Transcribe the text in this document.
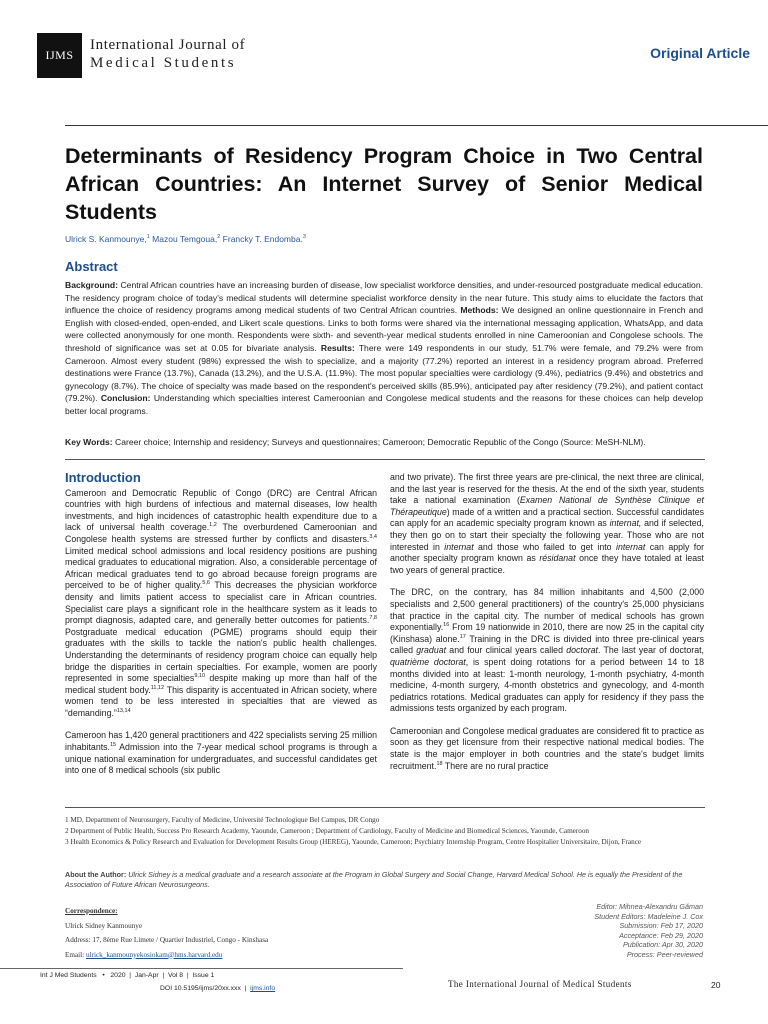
IJMS
International Journal of
Medical Students
Original Article
Determinants of Residency Program Choice in Two Central African Countries: An Internet Survey of Senior Medical Students
Ulrick S. Kanmounye,$^1$ Mazou Temgoua,$^2$ Francky T. Endomba.$^3$
Abstract

Background: Central African countries have an increasing burden of disease, low specialist workforce densities, and under-resourced postgraduate medical education. The residency program choice of today's medical students will determine specialist workforce density in the near future. This study aims to elucidate the factors that influence the choice of residency programs among medical students of two Central African countries. Methods: We designed an online questionnaire in French and English with closed-ended, open-ended, and Likert scale questions. Links to both forms were shared via the international messaging application, WhatsApp, and data were collected anonymously for one month. Respondents were sixth- and seventh-year medical students enrolled in nine Cameroonian and Congolese schools. The threshold of significance was set at 0.05 for bivariate analysis. Results: There were 149 respondents in our study, 51.7% were female, and 79.2% were from Cameroon. Almost every student (98%) expressed the wish to specialize, and a majority (77.2%) reported an interest in a residency program abroad. Preferred destinations were France (13.7%), Canada (13.2%), and the U.S.A. (11.9%). The most popular specialties were cardiology (9.4%), pediatrics (9.4%) and obstetrics and gynecology (8.7%). The choice of specialty was made based on the respondent's perceived skills (85.9%), anticipated pay after residency (79.2%), and patient contact (79.2%). Conclusion: Understanding which specialties interest Cameroonian and Congolese medical students and the reasons for these choices can help develop better local programs.

Key Words: Career choice; Internship and residency; Surveys and questionnaires; Cameroon; Democratic Republic of the Congo (Source: MeSH-NLM).
Introduction

Cameroon and Democratic Republic of Congo (DRC) are Central African countries with high burdens of infectious and maternal diseases, low health investments, and high incidences of catastrophic health expenditure due to a lack of universal health coverage.$^{1,2}$ The overburdened Cameroonian and Congolese health systems are stressed further by conflicts and disasters.$^{3,4}$ Limited medical school admissions and local residency positions are pushing medical graduates to educational migration. Also, a considerable percentage of African medical graduates tend to go abroad because foreign programs are perceived to be of higher quality.$^{5,6}$ This decreases the physician workforce density and limits patient access to specialist care in African countries. Specialist care plays a significant role in the healthcare system as it leads to prompt diagnosis, adapted care, and generally better outcomes for patients.$^{7,8}$ Postgraduate medical education (PGME) programs should equip their graduates with the skills to tackle the nation's public health challenges. Understanding the determinants of residency program choice can equally help bridge the disparities in certain specialties. For example, women are poorly represented in some specialties$^{9,10}$ despite making up more than half of the medical student body.$^{11,12}$ This disparity is accentuated in African society, where women tend to be less interested in specialties that are viewed as “demanding.”$^{13,14}$

Cameroon has 1,420 general practitioners and 422 specialists serving 25 million inhabitants.$^{15}$ Admission into the 7-year medical school programs is through a unique national examination for undergraduates, and successful candidates get into one of 8 medical schools (six public

and two private). The first three years are pre-clinical, the next three are clinical, and the last year is reserved for the thesis. At the end of the sixth year, students take a national examination (Examen National de Synthèse Clinique et Thérapeutique) made of a written and a practical section. Successful candidates can apply for an academic specialty program known as internat, and if selected, they then go on to start their specialty the following year. Those who are not interested in internat and those who failed to get into internat can apply for another specialty program known as résidanat once they have totaled at least two years of general practice.

The DRC, on the contrary, has 84 million inhabitants and 4,500 (2,000 specialists and 2,500 general practitioners) of the country's 25,000 physicians that practice in the capital city. The number of medical schools has grown exponentially.$^{16}$ From 19 nationwide in 2010, there are now 25 in the capital city (Kinshasa) alone.$^{17}$ Training in the DRC is divided into three pre-clinical years called graduat and four clinical years called doctorat. The last year of doctorat, quatrième doctorat, is spent doing rotations for a period between 14 to 18 months divided into at least: 1-month neurology, 1-month psychiatry, 4-month medicine, 4-month surgery, 4-month obstetrics and gynecology, and 4-month pediatrics rotations. Medical graduates can apply for residency if they pass the admissions tests organized by each program.

Cameroonian and Congolese medical graduates are considered fit to practice as soon as they get licensure from their respective national medical bodies. The state is the major employer in both countries and the state's budget limits recruitment.$^{18}$ There are no rural practice

1 MD, Department of Neurosurgery, Faculty of Medicine, Université Technologique Bel Campus, DR Congo
2 Department of Public Health, Success Pro Research Academy, Yaounde, Cameroon ; Department of Cardiology, Faculty of Medicine and Biomedical Sciences, Yaounde, Cameroon
3 Health Economics & Policy Research and Evaluation for Development Results Group (HEREG), Yaounde, Cameroon; Psychiatry Internship Program, Centre Hospitalier Universitaire, Dijon, France
About the Author: Ulrick Sidney is a medical graduate and a research associate at the Program in Global Surgery and Social Change, Harvard Medical School. He is equally the President of the Association of Future African Neurosurgeons.
Correspondence:
Ulrick Sidney Kanmounye
Address: 17, 8ème Rue Limete / Quartier Industriel, Congo - Kinshasa
Email: ulrick_kanmounyekosiokam@hms.harvard.edu
Editor: Mihnea-Alexandru Găman
Student Editors: Madeleine J. Cox
Submission: Feb 17, 2020
Acceptance: Feb 29, 2020
Publication: Apr 30, 2020
Process: Peer-reviewed
Int J Med Students   •   2020  |  Jan-Apr  |  Vol 8  |  Issue 1
DOI 10.5195/ijms/20xx.xxx  |  ijms.info	The International Journal of Medical Students	20
